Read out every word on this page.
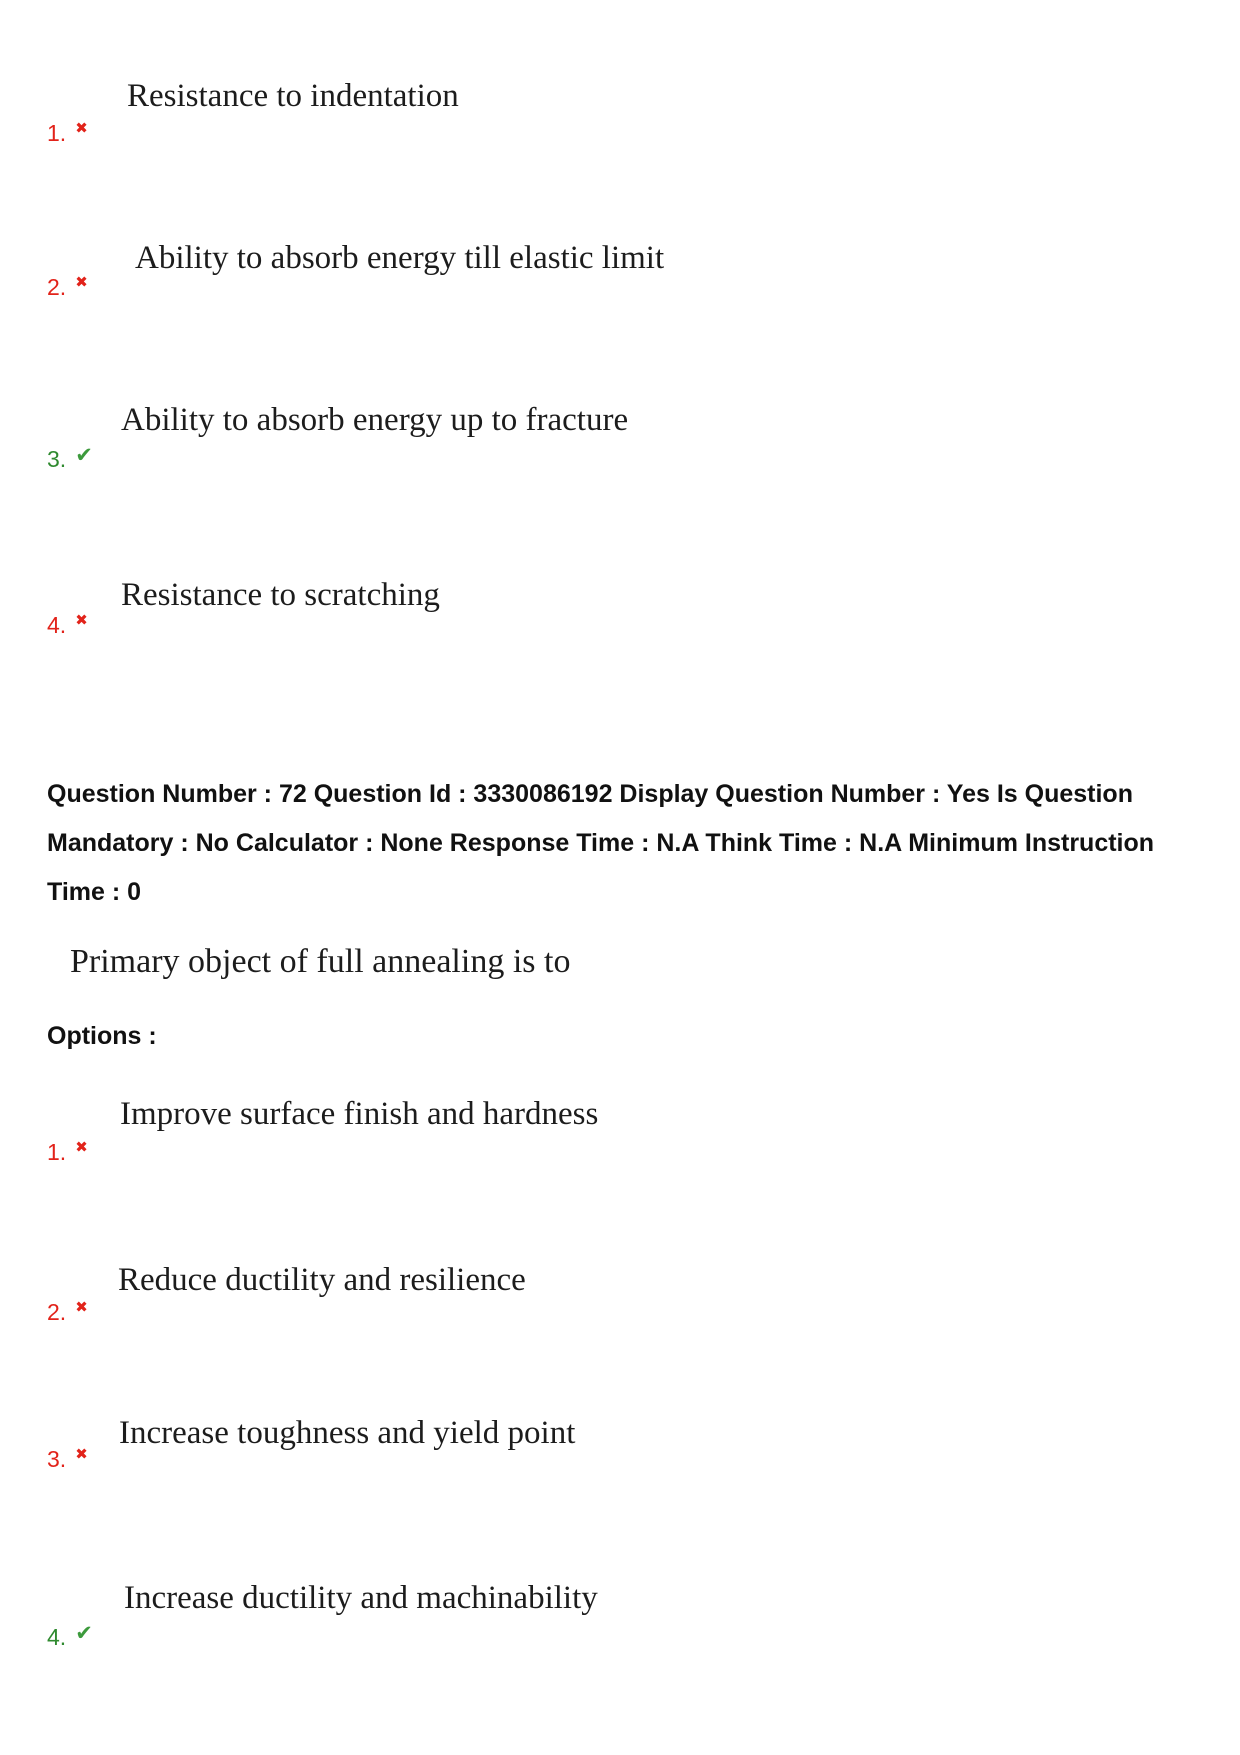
Resistance to indentation
1.
✖
Ability to absorb energy till elastic limit
2.
✖
Ability to absorb energy up to fracture
3.
✔
Resistance to scratching
4.
✖
Question Number : 72 Question Id : 3330086192 Display Question Number : Yes Is Question
Mandatory : No Calculator : None Response Time : N.A Think Time : N.A Minimum Instruction
Time : 0
Primary object of full annealing is to
Options :
Improve surface finish and hardness
1.
✖
Reduce ductility and resilience
2.
✖
Increase toughness and yield point
3.
✖
Increase ductility and machinability
4.
✔
